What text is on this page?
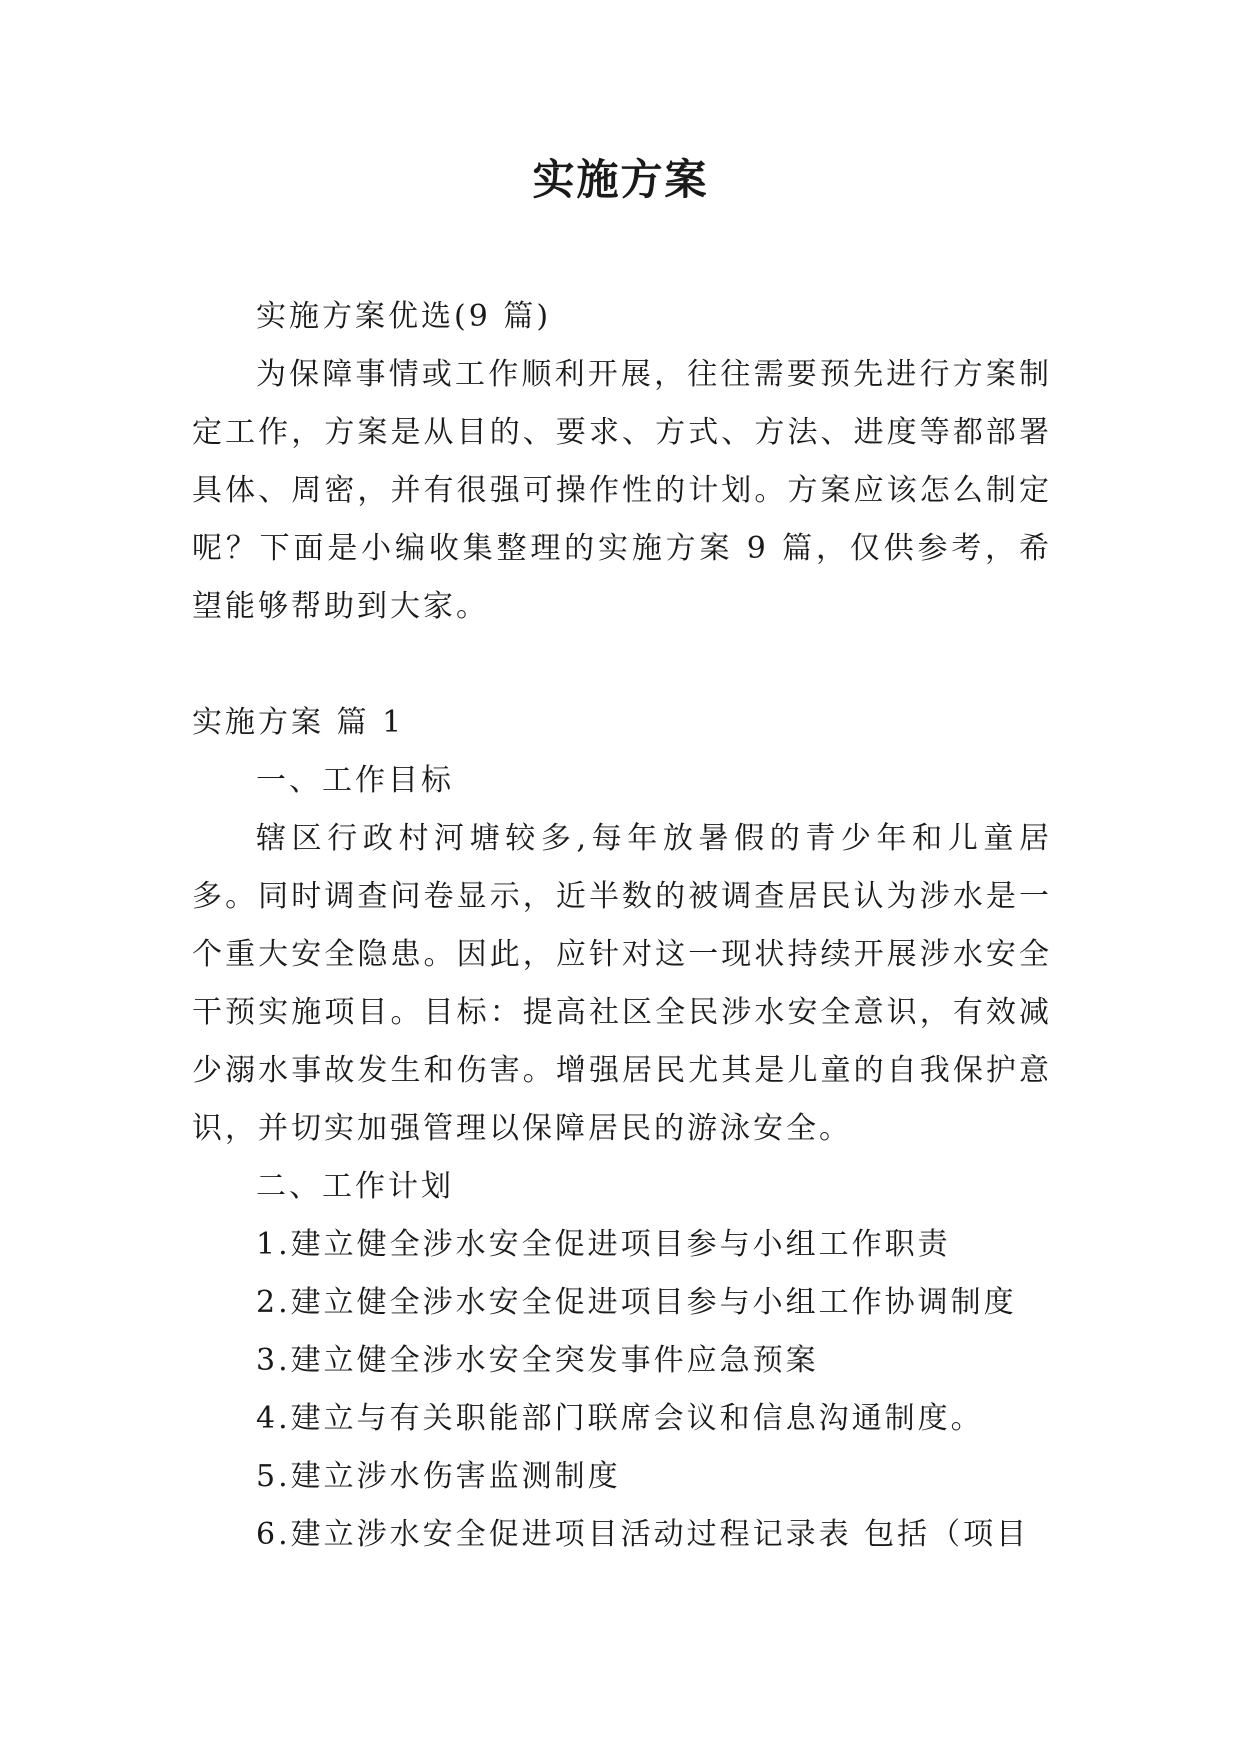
实施方案

实施方案优选(9 篇)

为保障事情或工作顺利开展，往往需要预先进行方案制定工作，方案是从目的、要求、方式、方法、进度等都部署具体、周密，并有很强可操作性的计划。方案应该怎么制定呢？下面是小编收集整理的实施方案 9 篇，仅供参考，希望能够帮助到大家。

实施方案 篇 1

一、工作目标

辖区行政村河塘较多,每年放暑假的青少年和儿童居多。同时调查问卷显示，近半数的被调查居民认为涉水是一个重大安全隐患。因此，应针对这一现状持续开展涉水安全干预实施项目。目标：提高社区全民涉水安全意识，有效减少溺水事故发生和伤害。增强居民尤其是儿童的自我保护意识，并切实加强管理以保障居民的游泳安全。

二、工作计划

1.建立健全涉水安全促进项目参与小组工作职责

2.建立健全涉水安全促进项目参与小组工作协调制度

3.建立健全涉水安全突发事件应急预案

4.建立与有关职能部门联席会议和信息沟通制度。

5.建立涉水伤害监测制度

6.建立涉水安全促进项目活动过程记录表 包括（项目
